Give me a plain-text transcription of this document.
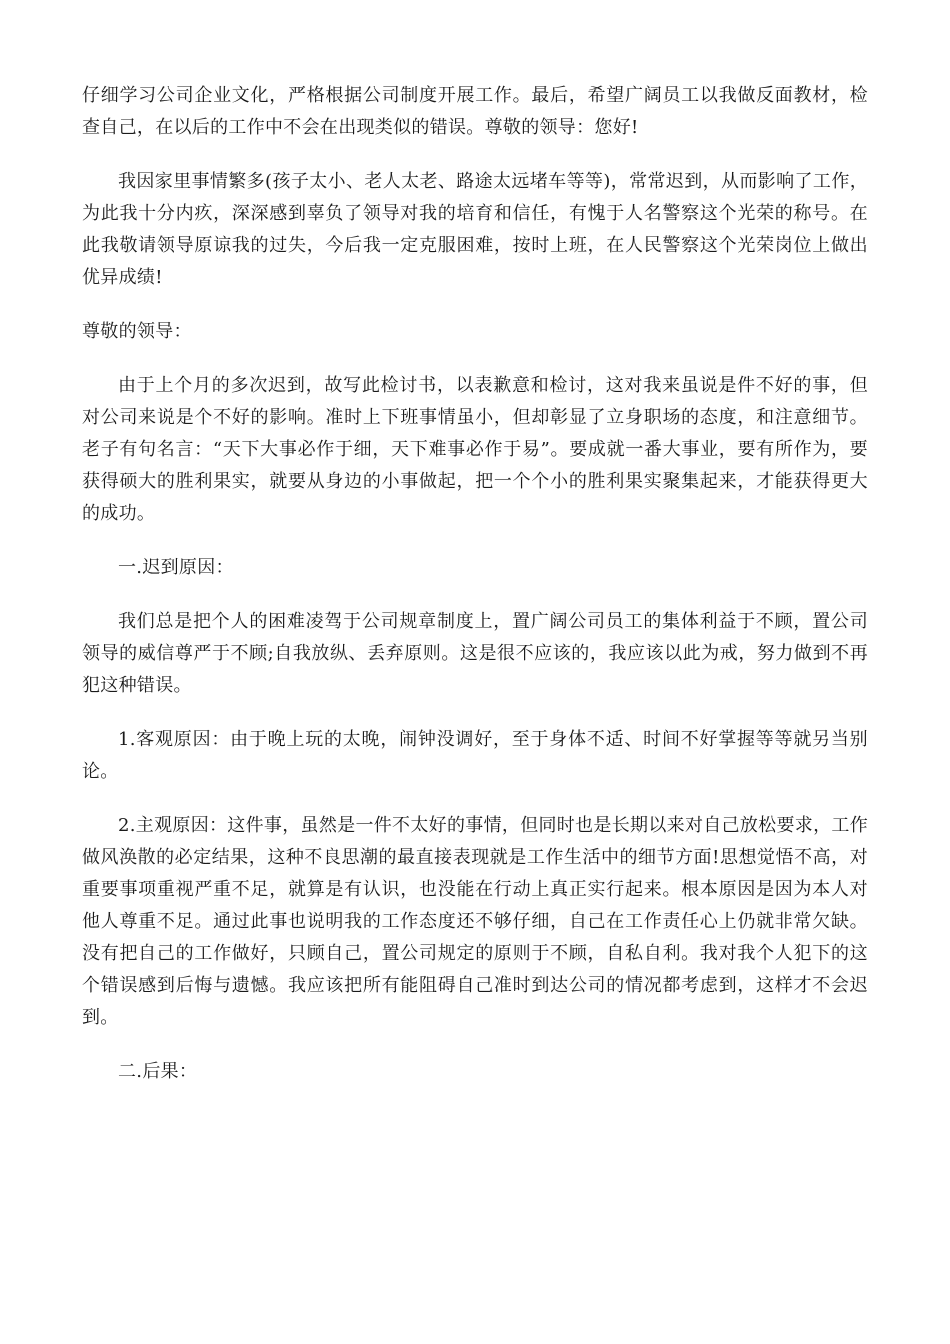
仔细学习公司企业文化，严格根据公司制度开展工作。最后，希望广阔员工以我做反面教材，检查自己，在以后的工作中不会在出现类似的错误。尊敬的领导：您好!

我因家里事情繁多(孩子太小、老人太老、路途太远堵车等等)，常常迟到，从而影响了工作，为此我十分内疚，深深感到辜负了领导对我的培育和信任，有愧于人名警察这个光荣的称号。在此我敬请领导原谅我的过失，今后我一定克服困难，按时上班，在人民警察这个光荣岗位上做出优异成绩!

尊敬的领导：

由于上个月的多次迟到，故写此检讨书，以表歉意和检讨，这对我来虽说是件不好的事，但对公司来说是个不好的影响。准时上下班事情虽小，但却彰显了立身职场的态度，和注意细节。老子有句名言：“天下大事必作于细，天下难事必作于易”。要成就一番大事业，要有所作为，要获得硕大的胜利果实，就要从身边的小事做起，把一个个小的胜利果实聚集起来，才能获得更大的成功。

一.迟到原因：

我们总是把个人的困难凌驾于公司规章制度上，置广阔公司员工的集体利益于不顾，置公司领导的威信尊严于不顾;自我放纵、丢弃原则。这是很不应该的，我应该以此为戒，努力做到不再犯这种错误。

1.客观原因：由于晚上玩的太晚，闹钟没调好，至于身体不适、时间不好掌握等等就另当别论。

2.主观原因：这件事，虽然是一件不太好的事情，但同时也是长期以来对自己放松要求，工作做风涣散的必定结果，这种不良思潮的最直接表现就是工作生活中的细节方面!思想觉悟不高，对重要事项重视严重不足，就算是有认识，也没能在行动上真正实行起来。根本原因是因为本人对他人尊重不足。通过此事也说明我的工作态度还不够仔细，自己在工作责任心上仍就非常欠缺。没有把自己的工作做好，只顾自己，置公司规定的原则于不顾，自私自利。我对我个人犯下的这个错误感到后悔与遗憾。我应该把所有能阻碍自己准时到达公司的情况都考虑到，这样才不会迟到。

二.后果：
